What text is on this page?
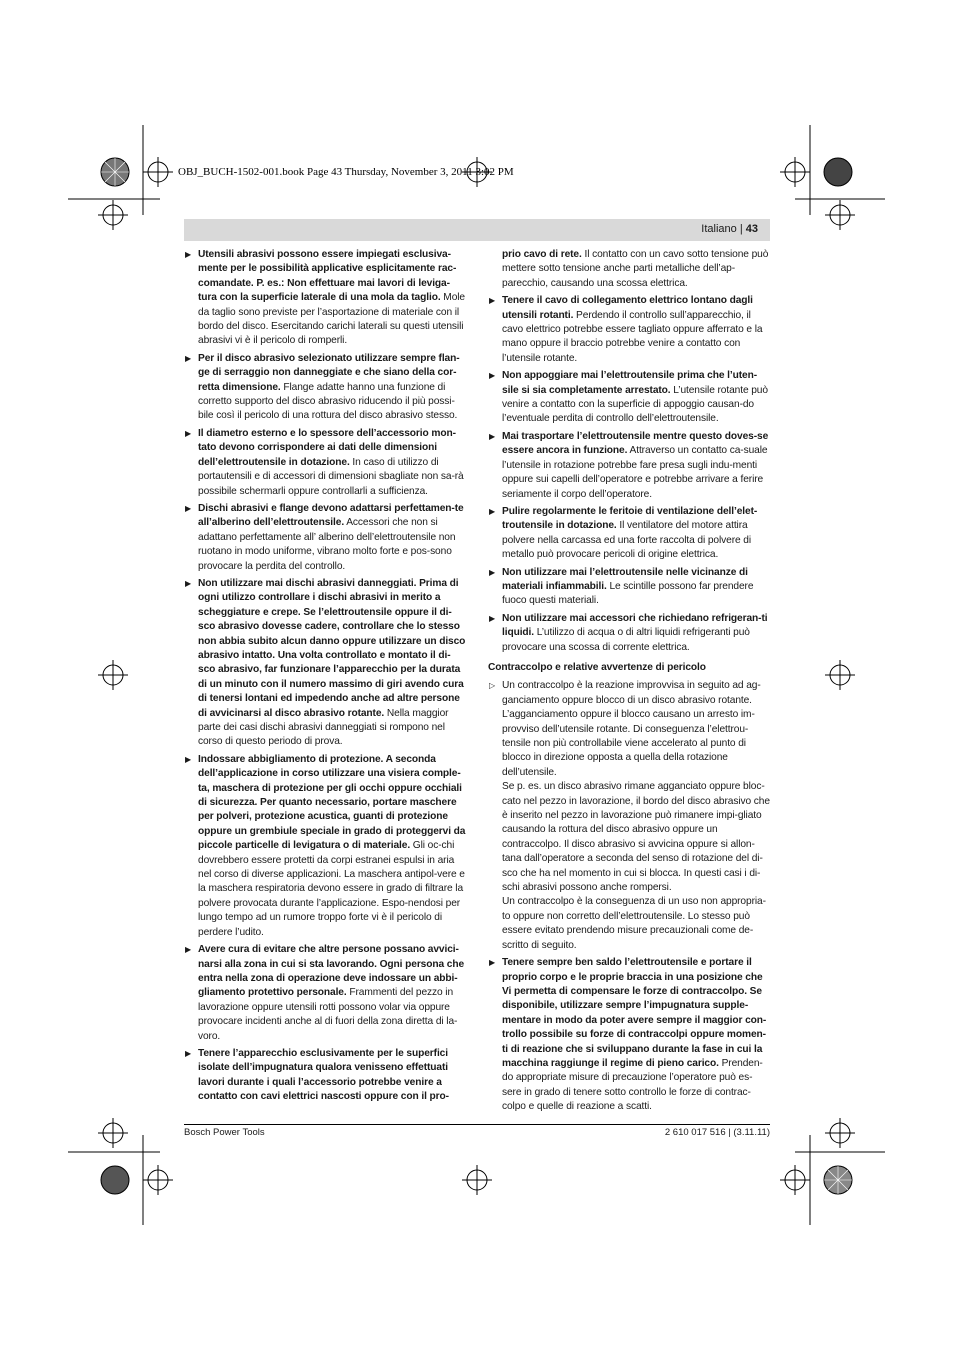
OBJ_BUCH-1502-001.book Page 43 Thursday, November 3, 2011 3:02 PM
Italiano | 43

▶ Utensili abrasivi possono essere impiegati esclusiva-mente per le possibilità applicative esplicitamente rac-comandate. P. es.: Non effettuare mai lavori di leviga-tura con la superficie laterale di una mola da taglio. Mole da taglio sono previste per l’asportazione di materiale con il bordo del disco. Esercitando carichi laterali su questi utensili abrasivi vi è il pericolo di romperli.

▶ Per il disco abrasivo selezionato utilizzare sempre flan-ge di serraggio non danneggiate e che siano della cor-retta dimensione. Flange adatte hanno una funzione di corretto supporto del disco abrasivo riducendo il più possi-bile così il pericolo di una rottura del disco abrasivo stesso.

▶ Il diametro esterno e lo spessore dell’accessorio mon-tato devono corrispondere ai dati delle dimensioni dell’elettroutensile in dotazione. In caso di utilizzo di portautensili e di accessori di dimensioni sbagliate non sa-rà possibile schermarli oppure controllarli a sufficienza.

▶ Dischi abrasivi e flange devono adattarsi perfettamen-te all’alberino dell’elettroutensile. Accessori che non si adattano perfettamente all’ alberino dell’elettroutensile non ruotano in modo uniforme, vibrano molto forte e pos-sono provocare la perdita del controllo.

▶ Non utilizzare mai dischi abrasivi danneggiati. Prima di ogni utilizzo controllare i dischi abrasivi in merito a scheggiature e crepe. Se l’elettroutensile oppure il di-sco abrasivo dovesse cadere, controllare che lo stesso non abbia subito alcun danno oppure utilizzare un disco abrasivo intatto. Una volta controllato e montato il di-sco abrasivo, far funzionare l’apparecchio per la durata di un minuto con il numero massimo di giri avendo cura di tenersi lontani ed impedendo anche ad altre persone di avvicinarsi al disco abrasivo rotante. Nella maggior parte dei casi dischi abrasivi danneggiati si rompono nel corso di questo periodo di prova.

▶ Indossare abbigliamento di protezione. A seconda dell’applicazione in corso utilizzare una visiera comple-ta, maschera di protezione per gli occhi oppure occhiali di sicurezza. Per quanto necessario, portare maschere per polveri, protezione acustica, guanti di protezione oppure un grembiule speciale in grado di proteggervi da piccole particelle di levigatura o di materiale. Gli oc-chi dovrebbero essere protetti da corpi estranei espulsi in aria nel corso di diverse applicazioni. La maschera antipol-vere e la maschera respiratoria devono essere in grado di filtrare la polvere provocata durante l’applicazione. Espo-nendosi per lungo tempo ad un rumore troppo forte vi è il pericolo di perdere l’udito.

▶ Avere cura di evitare che altre persone possano avvici-narsi alla zona in cui si sta lavorando. Ogni persona che entra nella zona di operazione deve indossare un abbi-gliamento protettivo personale. Frammenti del pezzo in lavorazione oppure utensili rotti possono volar via oppure provocare incidenti anche al di fuori della zona diretta di la-voro.

▶ Tenere l’apparecchio esclusivamente per le superfici isolate dell’impugnatura qualora venisseno effettuati lavori durante i quali l’accessorio potrebbe venire a contatto con cavi elettrici nascosti oppure con il pro-

prio cavo di rete. Il contatto con un cavo sotto tensione può mettere sotto tensione anche parti metalliche dell’ap-parecchio, causando una scossa elettrica.

▶ Tenere il cavo di collegamento elettrico lontano dagli utensili rotanti. Perdendo il controllo sull’apparecchio, il cavo elettrico potrebbe essere tagliato oppure afferrato e la mano oppure il braccio potrebbe venire a contatto con l’utensile rotante.

▶ Non appoggiare mai l’elettroutensile prima che l’uten-sile si sia completamente arrestato. L’utensile rotante può venire a contatto con la superficie di appoggio causan-do l’eventuale perdita di controllo dell’elettroutensile.

▶ Mai trasportare l’elettroutensile mentre questo doves-se essere ancora in funzione. Attraverso un contatto ca-suale l’utensile in rotazione potrebbe fare presa sugli indu-menti oppure sui capelli dell’operatore e potrebbe arrivare a ferire seriamente il corpo dell’operatore.

▶ Pulire regolarmente le feritoie di ventilazione dell’elet-troutensile in dotazione. Il ventilatore del motore attira polvere nella carcassa ed una forte raccolta di polvere di metallo può provocare pericoli di origine elettrica.

▶ Non utilizzare mai l’elettroutensile nelle vicinanze di materiali infiammabili. Le scintille possono far prendere fuoco questi materiali.

▶ Non utilizzare mai accessori che richiedano refrigeran-ti liquidi. L’utilizzo di acqua o di altri liquidi refrigeranti può provocare una scossa di corrente elettrica.

Contraccolpo e relative avvertenze di pericolo

▷ Un contraccolpo è la reazione improvvisa in seguito ad ag-ganciamento oppure blocco di un disco abrasivo rotante. L’agganciamento oppure il blocco causano un arresto im-provviso dell’utensile rotante. Di conseguenza l’elettrou-tensile non più controllabile viene accelerato al punto di blocco in direzione opposta a quella della rotazione dell’utensile.

Se p. es. un disco abrasivo rimane agganciato oppure bloc-cato nel pezzo in lavorazione, il bordo del disco abrasivo che è inserito nel pezzo in lavorazione può rimanere impi-gliato causando la rottura del disco abrasivo oppure un contraccolpo. Il disco abrasivo si avvicina oppure si allon-tana dall’operatore a seconda del senso di rotazione del di-sco che ha nel momento in cui si blocca. In questi casi i di-schi abrasivi possono anche rompersi.

Un contraccolpo è la conseguenza di un uso non appropria-to oppure non corretto dell’elettroutensile. Lo stesso può essere evitato prendendo misure precauzionali come de-scritto di seguito.

▶ Tenere sempre ben saldo l’elettroutensile e portare il proprio corpo e le proprie braccia in una posizione che Vi permetta di compensare le forze di contraccolpo. Se disponibile, utilizzare sempre l’impugnatura supple-mentare in modo da poter avere sempre il maggior con-trollo possibile su forze di contraccolpi oppure momen-ti di reazione che si sviluppano durante la fase in cui la macchina raggiunge il regime di pieno carico. Prenden-do appropriate misure di precauzione l’operatore può es-sere in grado di tenere sotto controllo le forze di contrac-colpo e quelle di reazione a scatti.

Bosch Power Tools	2 610 017 516 | (3.11.11)
